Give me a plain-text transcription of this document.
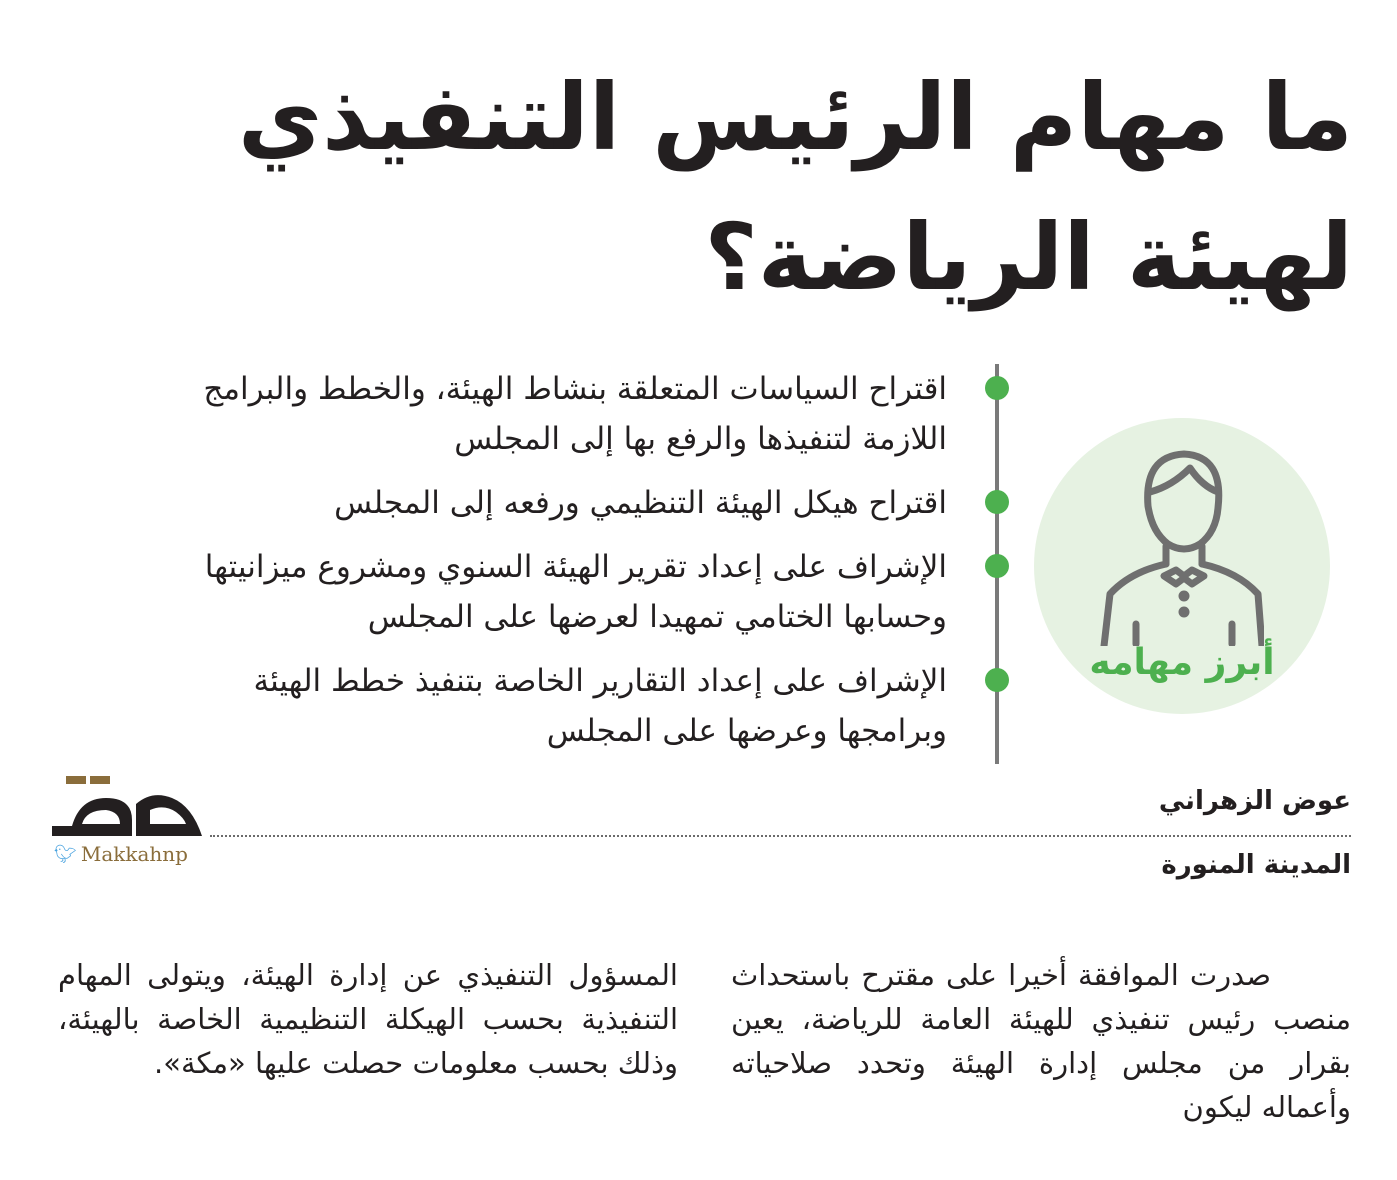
ما مهام الرئيس التنفيذي
لهيئة الرياضة؟
اقتراح السياسات المتعلقة بنشاط الهيئة، والخطط والبرامج اللازمة لتنفيذها والرفع بها إلى المجلس
اقتراح هيكل الهيئة التنظيمي ورفعه إلى المجلس
الإشراف على إعداد تقرير الهيئة السنوي ومشروع ميزانيتها وحسابها الختامي تمهيدا لعرضها على المجلس
الإشراف على إعداد التقارير الخاصة بتنفيذ خطط الهيئة وبرامجها وعرضها على المجلس
أبرز مهامه
🐦︎ Makkahnp
عوض الزهراني
المدينة المنورة

صدرت الموافقة أخيرا على مقترح باستحداث منصب رئيس تنفيذي للهيئة العامة للرياضة، يعين بقرار من مجلس إدارة الهيئة وتحدد صلاحياته وأعماله ليكون

المسؤول التنفيذي عن إدارة الهيئة، ويتولى المهام التنفيذية بحسب الهيكلة التنظيمية الخاصة بالهيئة، وذلك بحسب معلومات حصلت عليها «مكة».
